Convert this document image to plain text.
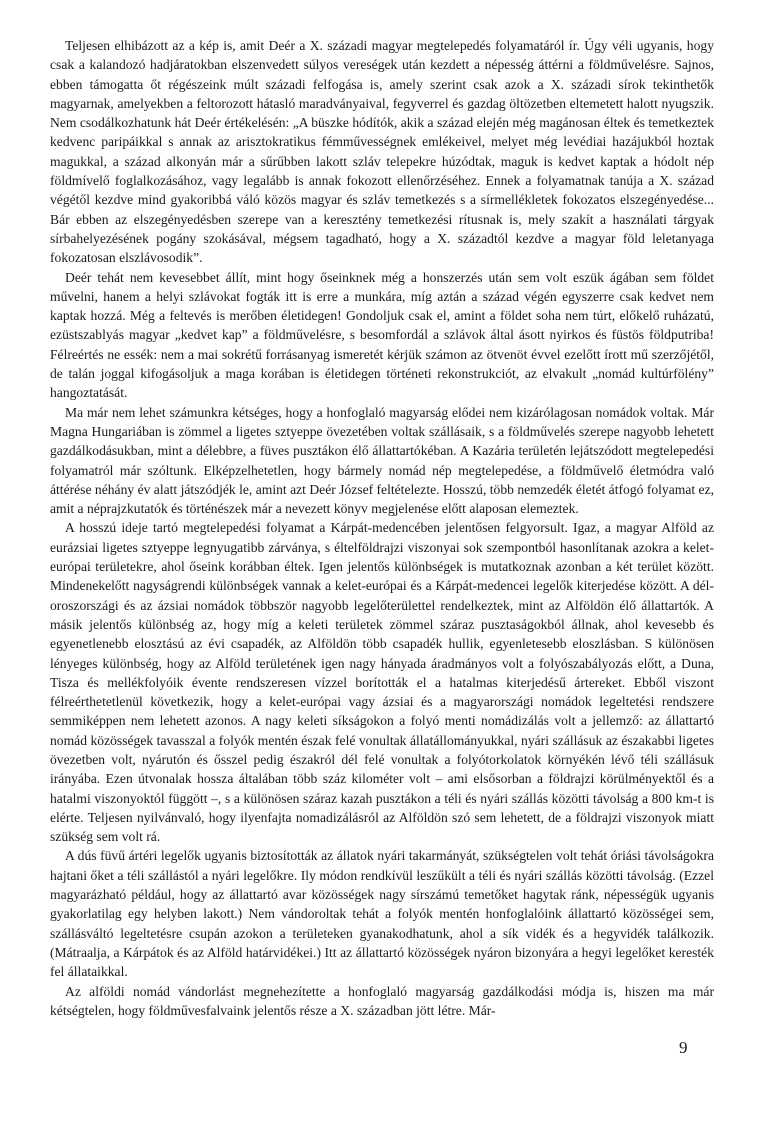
Teljesen elhibázott az a kép is, amit Deér a X. századi magyar megtelepedés folyamatáról ír. Úgy véli ugyanis, hogy csak a kalandozó hadjáratokban elszenvedett súlyos vereségek után kezdett a népesség áttérni a földművelésre. Sajnos, ebben támogatta őt régészeink múlt századi felfogása is, amely szerint csak azok a X. századi sírok tekinthetők magyarnak, amelyekben a feltorozott hátasló maradványaival, fegyverrel és gazdag öltözetben eltemetett halott nyugszik. Nem csodálkozhatunk hát Deér értékelésén: „A büszke hódítók, akik a század elején még magánosan éltek és temetkeztek kedvenc paripáikkal s annak az arisztokratikus fémművességnek emlékeivel, melyet még levédiai hazájukból hoztak magukkal, a század alkonyán már a sűrűbben lakott szláv telepekre húzódtak, maguk is kedvet kaptak a hódolt nép földmívelő foglalkozásához, vagy legalább is annak fokozott ellenőrzéséhez. Ennek a folyamatnak tanúja a X. század végétől kezdve mind gyakoribbá váló közös magyar és szláv temetkezés s a sírmellékletek fokozatos elszegényedése... Bár ebben az elszegényedésben szerepe van a keresztény temetkezési rítusnak is, mely szakít a használati tárgyak sírbahelyezésének pogány szokásával, mégsem tagadható, hogy a X. századtól kezdve a magyar föld leletanyaga fokozatosan elszlávosodik”.

Deér tehát nem kevesebbet állít, mint hogy őseinknek még a honszerzés után sem volt eszük ágában sem földet művelni, hanem a helyi szlávokat fogták itt is erre a munkára, míg aztán a század végén egyszerre csak kedvet nem kaptak hozzá. Még a feltevés is merőben életidegen! Gondoljuk csak el, amint a földet soha nem túrt, előkelő ruházatú, ezüstszablyás magyar „kedvet kap” a földművelésre, s besomfordál a szlávok által ásott nyirkos és füstös földputriba! Félreértés ne essék: nem a mai sokrétű forrásanyag ismeretét kérjük számon az ötvenöt évvel ezelőtt írott mű szerzőjétől, de talán joggal kifogásoljuk a maga korában is életidegen történeti rekonstrukciót, az elvakult „nomád kultúrfölény” hangoztatását.

Ma már nem lehet számunkra kétséges, hogy a honfoglaló magyarság elődei nem kizárólagosan nomádok voltak. Már Magna Hungariában is zömmel a ligetes sztyeppe övezetében voltak szállásaik, s a földművelés szerepe nagyobb lehetett gazdálkodásukban, mint a délebbre, a füves pusztákon élő állattartókéban. A Kazária területén lejátszódott megtelepedési folyamatról már szóltunk. Elképzelhetetlen, hogy bármely nomád nép megtelepedése, a földművelő életmódra való áttérése néhány év alatt játszódjék le, amint azt Deér József feltételezte. Hosszú, több nemzedék életét átfogó folyamat ez, amit a néprajzkutatók és történészek már a nevezett könyv megjelenése előtt alaposan elemeztek.

A hosszú ideje tartó megtelepedési folyamat a Kárpát-medencében jelentősen felgyorsult. Igaz, a magyar Alföld az eurázsiai ligetes sztyeppe legnyugatibb zárványa, s éltelföldrajzi viszonyai sok szempontból hasonlítanak azokra a kelet-európai területekre, ahol őseink korábban éltek. Igen jelentős különbségek is mutatkoznak azonban a két terület között. Mindenekelőtt nagyságrendi különbségek vannak a kelet-európai és a Kárpát-medencei legelők kiterjedése között. A dél-oroszországi és az ázsiai nomádok többször nagyobb legelőterülettel rendelkeztek, mint az Alföldön élő állattartók. A másik jelentős különbség az, hogy míg a keleti területek zömmel száraz pusztaságokból állnak, ahol kevesebb és egyenetlenebb elosztású az évi csapadék, az Alföldön több csapadék hullik, egyenletesebb eloszlásban. S különösen lényeges különbség, hogy az Alföld területének igen nagy hányada áradmányos volt a folyószabályozás előtt, a Duna, Tisza és mellékfolyóik évente rendszeresen vízzel borították el a hatalmas kiterjedésű ártereket. Ebből viszont félreérthetetlenül következik, hogy a kelet-európai vagy ázsiai és a magyarországi nomádok legeltetési rendszere semmiképpen nem lehetett azonos. A nagy keleti síkságokon a folyó menti nomádizálás volt a jellemző: az állattartó nomád közösségek tavasszal a folyók mentén észak felé vonultak állatállományukkal, nyári szállásuk az északabbi ligetes övezetben volt, nyárutón és ősszel pedig északról dél felé vonultak a folyótorkolatok környékén lévő téli szállásuk irányába. Ezen útvonalak hossza általában több száz kilométer volt – ami elsősorban a földrajzi körülményektől és a hatalmi viszonyoktól függött –, s a különösen száraz kazah pusztákon a téli és nyári szállás közötti távolság a 800 km-t is elérte. Teljesen nyilvánvaló, hogy ilyenfajta nomadizálásról az Alföldön szó sem lehetett, de a földrajzi viszonyok miatt szükség sem volt rá.

A dús füvű ártéri legelők ugyanis biztosították az állatok nyári takarmányát, szükségtelen volt tehát óriási távolságokra hajtani őket a téli szállástól a nyári legelőkre. Ily módon rendkívül leszűkült a téli és nyári szállás közötti távolság. (Ezzel magyarázható például, hogy az állattartó avar közösségek nagy sírszámú temetőket hagytak ránk, népességük ugyanis gyakorlatilag egy helyben lakott.) Nem vándoroltak tehát a folyók mentén honfoglalóink állattartó közösségei sem, szállásváltó legeltetésre csupán azokon a területeken gyanakodhatunk, ahol a sík vidék és a hegyvidék találkozik. (Mátraalja, a Kárpátok és az Alföld határvidékei.) Itt az állattartó közösségek nyáron bizonyára a hegyi legelőket keresték fel állataikkal.

Az alföldi nomád vándorlást megnehezítette a honfoglaló magyarság gazdálkodási módja is, hiszen ma már kétségtelen, hogy földművesfalvaink jelentős része a X. században jött létre. Már-

9
